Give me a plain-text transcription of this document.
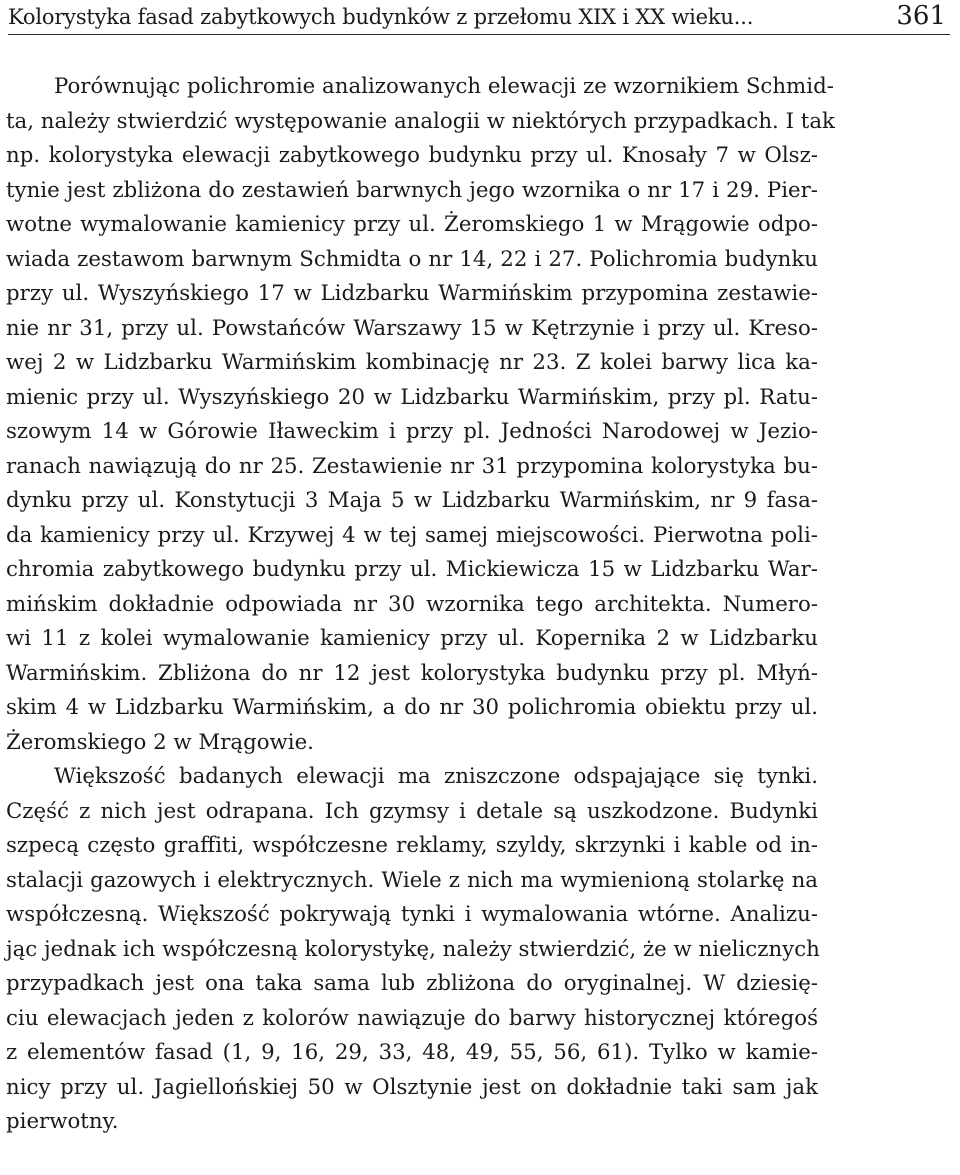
Kolorystyka fasad zabytkowych budynków z przełomu XIX i XX wieku...	361
Porównując polichromie analizowanych elewacji ze wzornikiem Schmid-
ta, należy stwierdzić występowanie analogii w niektórych przypadkach. I tak
np. kolorystyka elewacji zabytkowego budynku przy ul. Knosały 7 w Olsz-
tynie jest zbliżona do zestawień barwnych jego wzornika o nr 17 i 29. Pier-
wotne wymalowanie kamienicy przy ul. Żeromskiego 1 w Mrągowie odpo-
wiada zestawom barwnym Schmidta o nr 14, 22 i 27. Polichromia budynku
przy ul. Wyszyńskiego 17 w Lidzbarku Warmińskim przypomina zestawie-
nie nr 31, przy ul. Powstańców Warszawy 15 w Kętrzynie i przy ul. Kreso-
wej 2 w Lidzbarku Warmińskim kombinację nr 23. Z kolei barwy lica ka-
mienic przy ul. Wyszyńskiego 20 w Lidzbarku Warmińskim, przy pl. Ratu-
szowym 14 w Górowie Iławeckim i przy pl. Jedności Narodowej w Jezio-
ranach nawiązują do nr 25. Zestawienie nr 31 przypomina kolorystyka bu-
dynku przy ul. Konstytucji 3 Maja 5 w Lidzbarku Warmińskim, nr 9 fasa-
da kamienicy przy ul. Krzywej 4 w tej samej miejscowości. Pierwotna poli-
chromia zabytkowego budynku przy ul. Mickiewicza 15 w Lidzbarku War-
mińskim dokładnie odpowiada nr 30 wzornika tego architekta. Numero-
wi 11 z kolei wymalowanie kamienicy przy ul. Kopernika 2 w Lidzbarku
Warmińskim. Zbliżona do nr 12 jest kolorystyka budynku przy pl. Młyń-
skim 4 w Lidzbarku Warmińskim, a do nr 30 polichromia obiektu przy ul.
Żeromskiego 2 w Mrągowie.
Większość badanych elewacji ma zniszczone odspajające się tynki.
Część z nich jest odrapana. Ich gzymsy i detale są uszkodzone. Budynki
szpecą często graffiti, współczesne reklamy, szyldy, skrzynki i kable od in-
stalacji gazowych i elektrycznych. Wiele z nich ma wymienioną stolarkę na
współczesną. Większość pokrywają tynki i wymalowania wtórne. Analizu-
jąc jednak ich współczesną kolorystykę, należy stwierdzić, że w nielicznych
przypadkach jest ona taka sama lub zbliżona do oryginalnej. W dziesię-
ciu elewacjach jeden z kolorów nawiązuje do barwy historycznej któregoś
z elementów fasad (1, 9, 16, 29, 33, 48, 49, 55, 56, 61). Tylko w kamie-
nicy przy ul. Jagiellońskiej 50 w Olsztynie jest on dokładnie taki sam jak
pierwotny.
